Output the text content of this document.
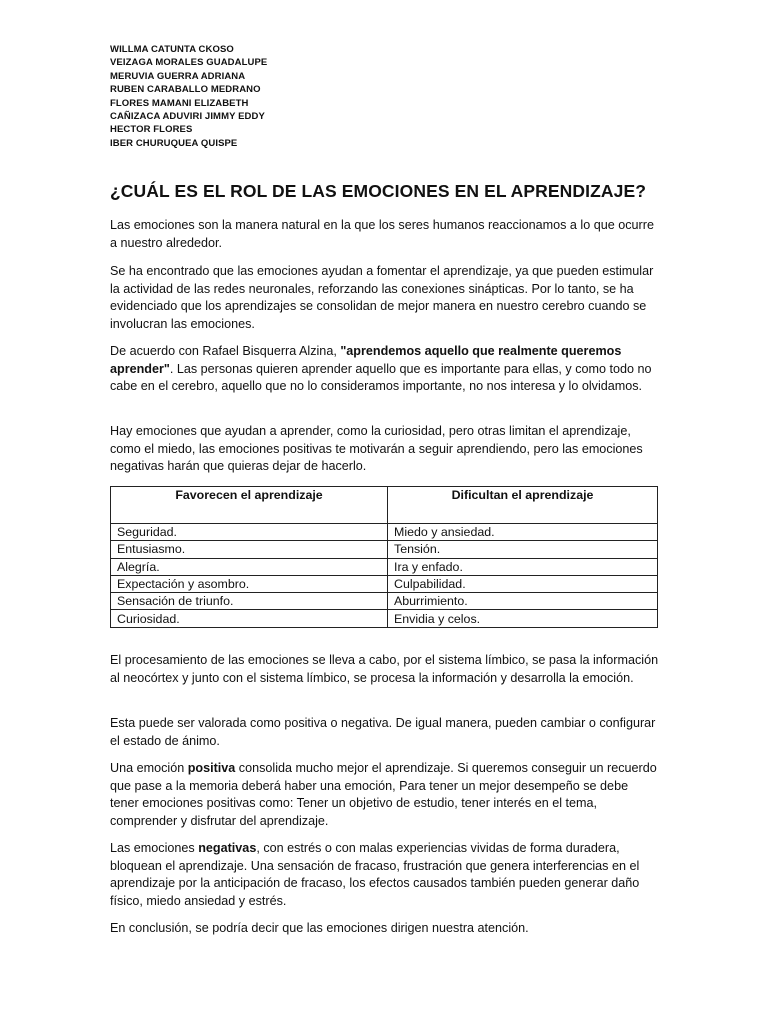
WILLMA CATUNTA CKOSO
VEIZAGA MORALES GUADALUPE
MERUVIA GUERRA ADRIANA
RUBEN CARABALLO MEDRANO
FLORES MAMANI ELIZABETH
CAÑIZACA ADUVIRI JIMMY EDDY
HECTOR FLORES
IBER CHURUQUEA QUISPE
¿CUÁL ES EL ROL DE LAS EMOCIONES EN EL APRENDIZAJE?

Las emociones son la manera natural en la que los seres humanos reaccionamos a lo que ocurre a nuestro alrededor.

Se ha encontrado que las emociones ayudan a fomentar el aprendizaje, ya que pueden estimular la actividad de las redes neuronales, reforzando las conexiones sinápticas. Por lo tanto, se ha evidenciado que los aprendizajes se consolidan de mejor manera en nuestro cerebro cuando se involucran las emociones.

De acuerdo con Rafael Bisquerra Alzina, "aprendemos aquello que realmente queremos aprender". Las personas quieren aprender aquello que es importante para ellas, y como todo no cabe en el cerebro, aquello que no lo consideramos importante, no nos interesa y lo olvidamos.

Hay emociones que ayudan a aprender, como la curiosidad, pero otras limitan el aprendizaje, como el miedo, las emociones positivas te motivarán a seguir aprendiendo, pero las emociones negativas harán que quieras dejar de hacerlo.

Favorecen el aprendizaje	Dificultan el aprendizaje
Seguridad.	Miedo y ansiedad.
Entusiasmo.	Tensión.
Alegría.	Ira y enfado.
Expectación y asombro.	Culpabilidad.
Sensación de triunfo.	Aburrimiento.
Curiosidad.	Envidia y celos.

El procesamiento de las emociones se lleva a cabo, por el sistema límbico, se pasa la información al neocórtex y junto con el sistema límbico, se procesa la información y desarrolla la emoción.

Esta puede ser valorada como positiva o negativa. De igual manera, pueden cambiar o configurar el estado de ánimo.

Una emoción positiva consolida mucho mejor el aprendizaje. Si queremos conseguir un recuerdo que pase a la memoria deberá haber una emoción, Para tener un mejor desempeño se debe tener emociones positivas como: Tener un objetivo de estudio, tener interés en el tema, comprender y disfrutar del aprendizaje.

Las emociones negativas, con estrés o con malas experiencias vividas de forma duradera, bloquean el aprendizaje. Una sensación de fracaso, frustración que genera interferencias en el aprendizaje por la anticipación de fracaso, los efectos causados también pueden generar daño físico, miedo ansiedad y estrés.

En conclusión, se podría decir que las emociones dirigen nuestra atención.
